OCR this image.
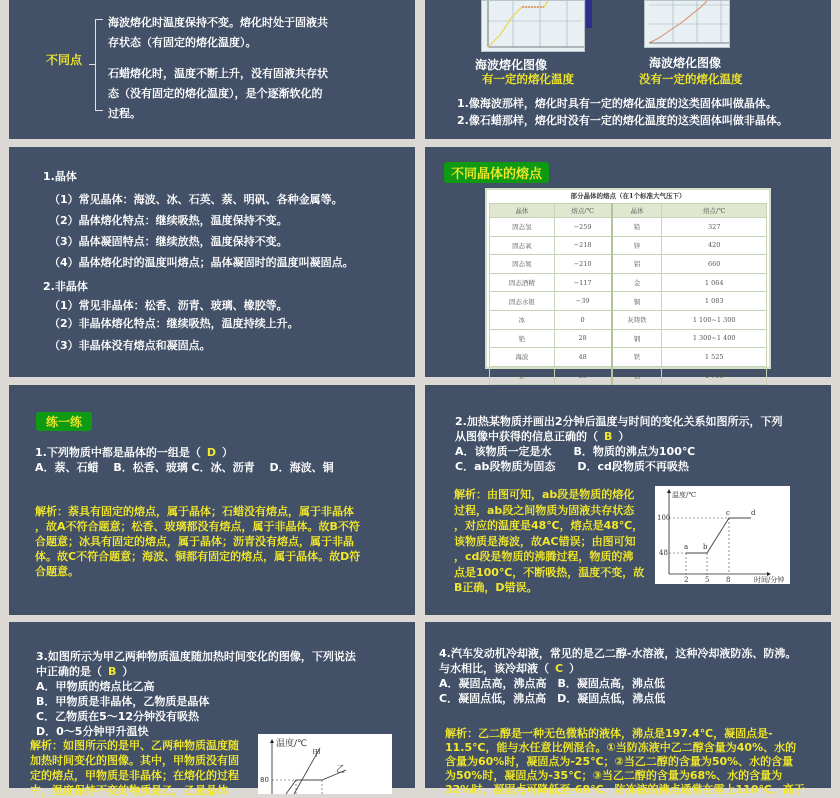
不同点
海波熔化时温度保持不变。熔化时处于固液共
存状态（有固定的熔化温度）。
石蜡熔化时，温度不断上升，没有固液共存状
态（没有固定的熔化温度），是个逐渐软化的
过程。
海波熔化图像
有一定的熔化温度
海波熔化图像
没有一定的熔化温度
1.像海波那样，熔化时具有一定的熔化温度的这类固体叫做晶体。
2.像石蜡那样，熔化时没有一定的熔化温度的这类固体叫做非晶体。
1.晶体
（1）常见晶体：海波、冰、石英、萘、明矾、各种金属等。
（2）晶体熔化特点：继续吸热，温度保持不变。
（3）晶体凝固特点：继续放热，温度保持不变。
（4）晶体熔化时的温度叫熔点；晶体凝固时的温度叫凝固点。
2.非晶体
（1）常见非晶体：松香、沥青、玻璃、橡胶等。
（2）非晶体熔化特点：继续吸热，温度持续上升。
（3）非晶体没有熔点和凝固点。
不同晶体的熔点
部分晶体的熔点（在1个标准大气压下）
晶体	熔点/℃	晶体	熔点/℃
固态氢	−259	铅	327
固态氧	−218	锌	420
固态氮	−210	铝	660
固态酒精	−117	金	1 064
固态水银	−39	铜	1 083
冰	0	灰铸铁	1 100~1 300
铯	28	钢	1 300~1 400
海波	48	铁	1 525
萘	80	铂	1 769

练一练
1.下列物质中都是晶体的一组是（ D ）
A．萘、石蜡　 B．松香、玻璃 C．冰、沥青　 D．海波、铜
解析：萘具有固定的熔点，属于晶体；石蜡没有熔点，属于非晶体
，故A不符合题意；松香、玻璃都没有熔点，属于非晶体。故B不符
合题意；冰具有固定的熔点，属于晶体；沥青没有熔点，属于非晶
体。故C不符合题意；海波、铜都有固定的熔点，属于晶体。故D符
合题意。
2.加热某物质并画出2分钟后温度与时间的变化关系如图所示，下列
从图像中获得的信息正确的（ B ）
A．该物质一定是水　　B．物质的沸点为100℃
C．ab段物质为固态　　D．cd段物质不再吸热
解析：由图可知，ab段是物质的熔化
过程，ab段之间物质为固液共存状态
，对应的温度是48℃，熔点是48℃，
该物质是海波，故AC错误；由图可知
，cd段是物质的沸腾过程，物质的沸
点是100℃，不断吸热，温度不变，故
B正确，D错误。
温度/℃
时间/分钟
100
48
2 5 8
a b
c	d
3.如图所示为甲乙两种物质温度随加热时间变化的图像，下列说法
中正确的是（ B ）
A．甲物质的熔点比乙高
B．甲物质是非晶体，乙物质是晶体
C．乙物质在5～12分钟没有吸热
D．0～5分钟甲升温快
解析：如图所示的是甲、乙两种物质温度随
加热时间变化的图像。其中，甲物质没有固
定的熔点，甲物质是非晶体；在熔化的过程
中，温度保持不变的物质是乙，乙是晶体
温度/℃
甲
乙
80
4.汽车发动机冷却液，常见的是乙二醇-水溶液，这种冷却液防冻、防沸。
与水相比，该冷却液（ C ）
A．凝固点高，沸点高　B．凝固点高，沸点低
C．凝固点低，沸点高　D．凝固点低，沸点低
解析：乙二醇是一种无色微粘的液体，沸点是197.4℃，凝固点是-
11.5℃，能与水任意比例混合。①当防冻液中乙二醇含量为40%、水的
含量为60%时，凝固点为-25℃；②当乙二醇的含量为50%、水的含量
为50%时，凝固点为-35℃；③当乙二醇的含量为68%、水的含量为
32%时，凝固点可降低至-68℃，防冻液的沸点通常在零上110℃，高于
